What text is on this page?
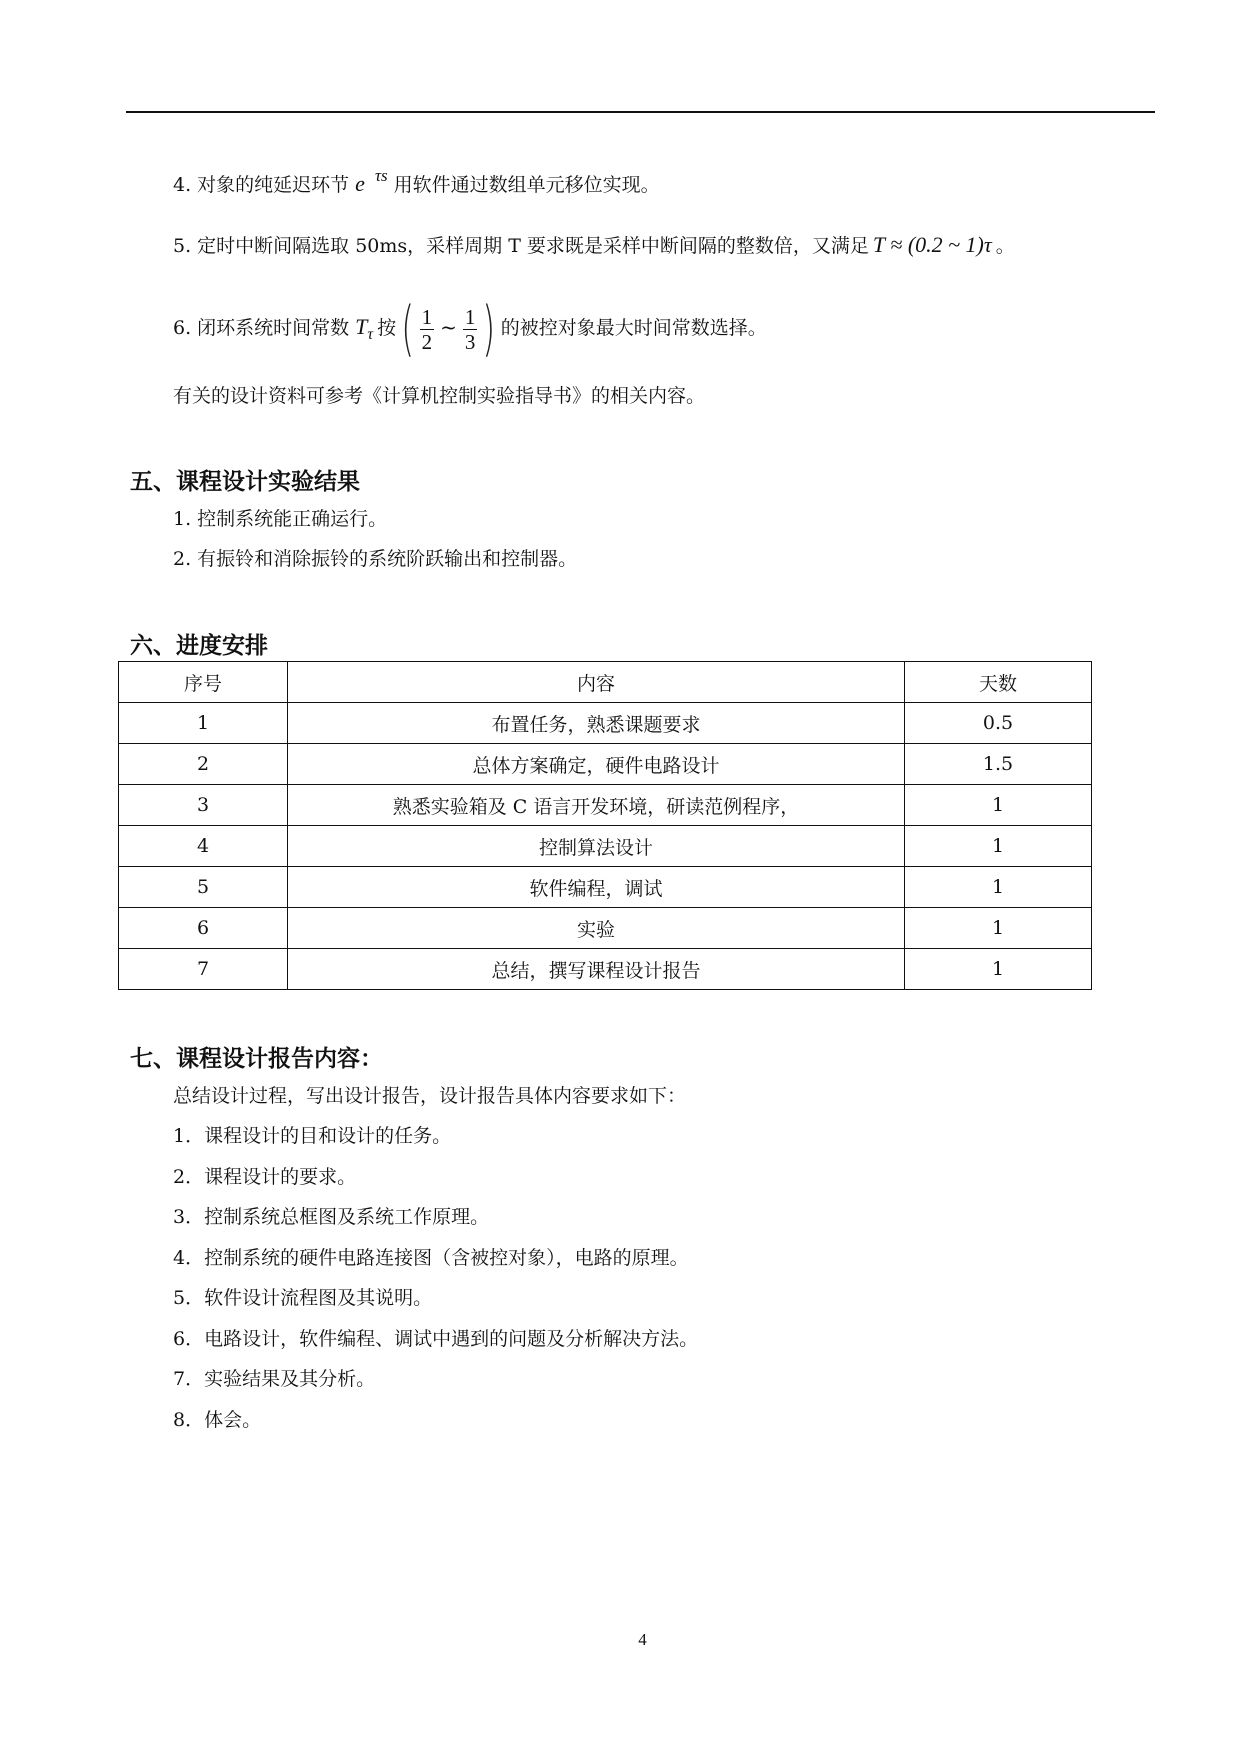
4. 对象的纯延迟环节 e τs 用软件通过数组单元移位实现。
5. 定时中断间隔选取 50ms，采样周期 T 要求既是采样中断间隔的整数倍，又满足 T ≈ (0.2 ~ 1)τ 。
6. 闭环系统时间常数 $T_\tau$ 按( $\frac{1}{2}$ ~ $\frac{1}{3}$ ) 的被控对象最大时间常数选择。
有关的设计资料可参考《计算机控制实验指导书》的相关内容。
五、课程设计实验结果
1. 控制系统能正确运行。
2. 有振铃和消除振铃的系统阶跃输出和控制器。
六、进度安排
序号	内容	天数
1	布置任务，熟悉课题要求	0.5
2	总体方案确定，硬件电路设计	1.5
3	熟悉实验箱及 C 语言开发环境，研读范例程序，	1
4	控制算法设计	1
5	软件编程，调试	1
6	实验	1
7	总结，撰写课程设计报告	1
七、课程设计报告内容：
总结设计过程，写出设计报告，设计报告具体内容要求如下：
1．课程设计的目和设计的任务。
2．课程设计的要求。
3．控制系统总框图及系统工作原理。
4．控制系统的硬件电路连接图（含被控对象），电路的原理。
5．软件设计流程图及其说明。
6．电路设计，软件编程、调试中遇到的问题及分析解决方法。
7．实验结果及其分析。
8．体会。
4
